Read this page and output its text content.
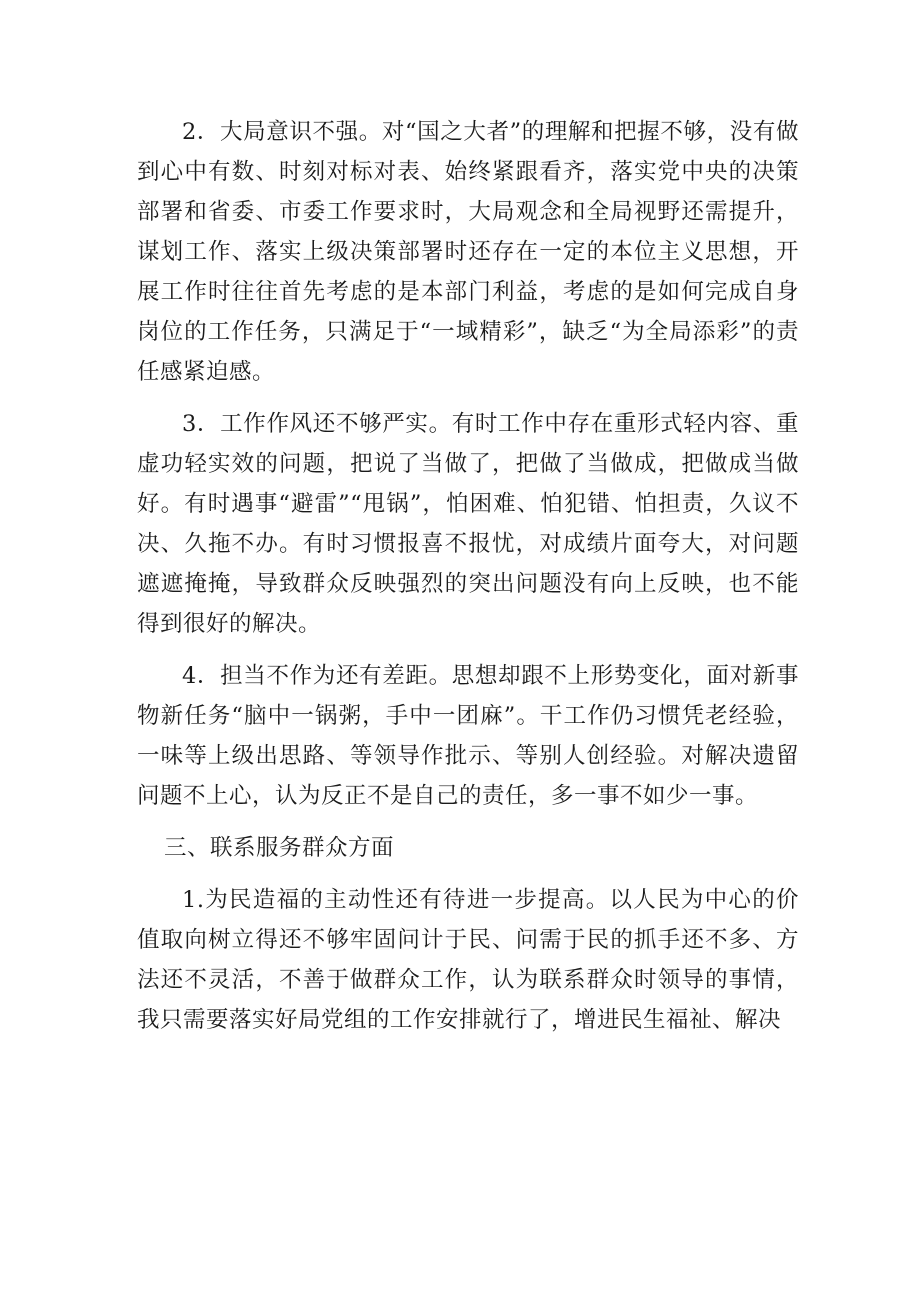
2．大局意识不强。对“国之大者”的理解和把握不够，没有做到心中有数、时刻对标对表、始终紧跟看齐，落实党中央的决策部署和省委、市委工作要求时，大局观念和全局视野还需提升，谋划工作、落实上级决策部署时还存在一定的本位主义思想，开展工作时往往首先考虑的是本部门利益，考虑的是如何完成自身岗位的工作任务，只满足于“一域精彩”，缺乏“为全局添彩”的责任感紧迫感。

3．工作作风还不够严实。有时工作中存在重形式轻内容、重虚功轻实效的问题，把说了当做了，把做了当做成，把做成当做好。有时遇事“避雷”“甩锅”，怕困难、怕犯错、怕担责，久议不决、久拖不办。有时习惯报喜不报忧，对成绩片面夸大，对问题遮遮掩掩，导致群众反映强烈的突出问题没有向上反映，也不能得到很好的解决。

4．担当不作为还有差距。思想却跟不上形势变化，面对新事物新任务“脑中一锅粥，手中一团麻”。干工作仍习惯凭老经验，一味等上级出思路、等领导作批示、等别人创经验。对解决遗留问题不上心，认为反正不是自己的责任，多一事不如少一事。

三、联系服务群众方面

1.为民造福的主动性还有待进一步提高。以人民为中心的价值取向树立得还不够牢固问计于民、问需于民的抓手还不多、方法还不灵活，不善于做群众工作，认为联系群众时领导的事情，我只需要落实好局党组的工作安排就行了，增进民生福祉、解决
